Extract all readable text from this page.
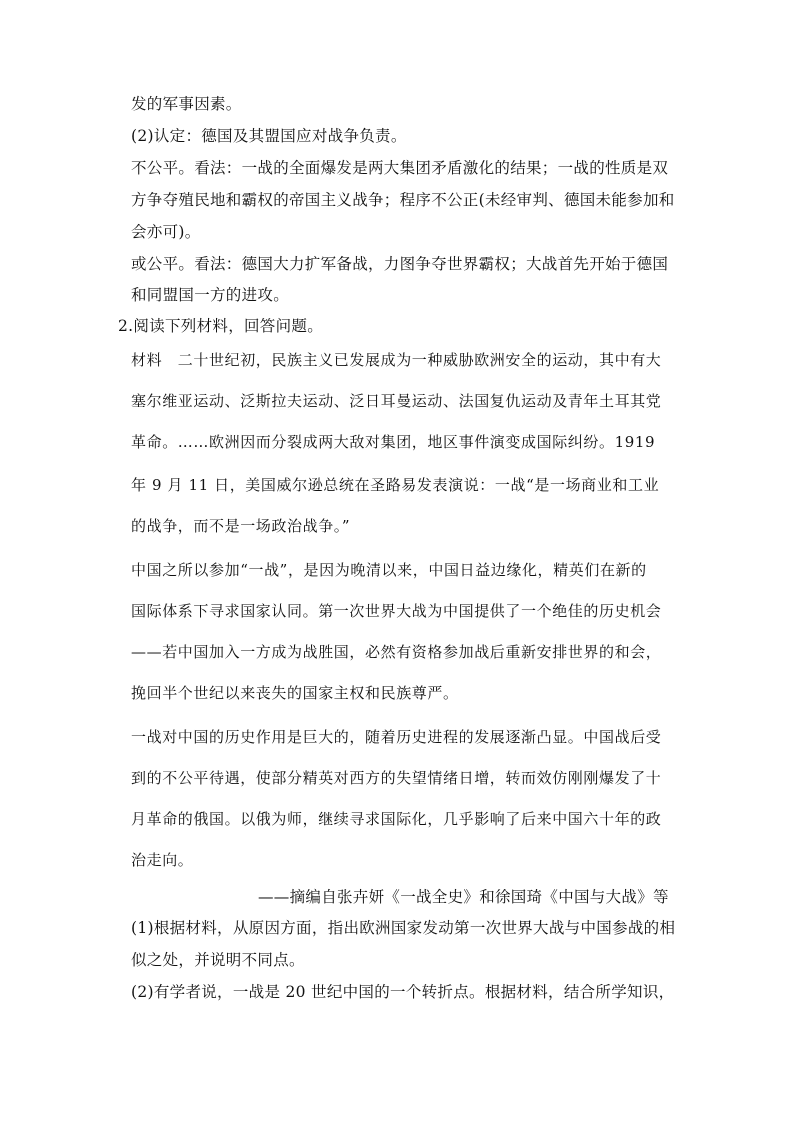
发的军事因素。
(2)认定：德国及其盟国应对战争负责。
不公平。看法：一战的全面爆发是两大集团矛盾激化的结果；一战的性质是双
方争夺殖民地和霸权的帝国主义战争；程序不公正(未经审判、德国未能参加和
会亦可)。
或公平。看法：德国大力扩军备战，力图争夺世界霸权；大战首先开始于德国
和同盟国一方的进攻。
2.阅读下列材料，回答问题。
材料　二十世纪初，民族主义已发展成为一种威胁欧洲安全的运动，其中有大
塞尔维亚运动、泛斯拉夫运动、泛日耳曼运动、法国复仇运动及青年土耳其党
革命。……欧洲因而分裂成两大敌对集团，地区事件演变成国际纠纷。1919
年 9 月 11 日，美国威尔逊总统在圣路易发表演说：一战“是一场商业和工业
的战争，而不是一场政治战争。”
中国之所以参加“一战”，是因为晚清以来，中国日益边缘化，精英们在新的
国际体系下寻求国家认同。第一次世界大战为中国提供了一个绝佳的历史机会
——若中国加入一方成为战胜国，必然有资格参加战后重新安排世界的和会，
挽回半个世纪以来丧失的国家主权和民族尊严。
一战对中国的历史作用是巨大的，随着历史进程的发展逐渐凸显。中国战后受
到的不公平待遇，使部分精英对西方的失望情绪日增，转而效仿刚刚爆发了十
月革命的俄国。以俄为师，继续寻求国际化，几乎影响了后来中国六十年的政
治走向。
——摘编自张卉妍《一战全史》和徐国琦《中国与大战》等
(1)根据材料，从原因方面，指出欧洲国家发动第一次世界大战与中国参战的相
似之处，并说明不同点。
(2)有学者说，一战是 20 世纪中国的一个转折点。根据材料，结合所学知识，
